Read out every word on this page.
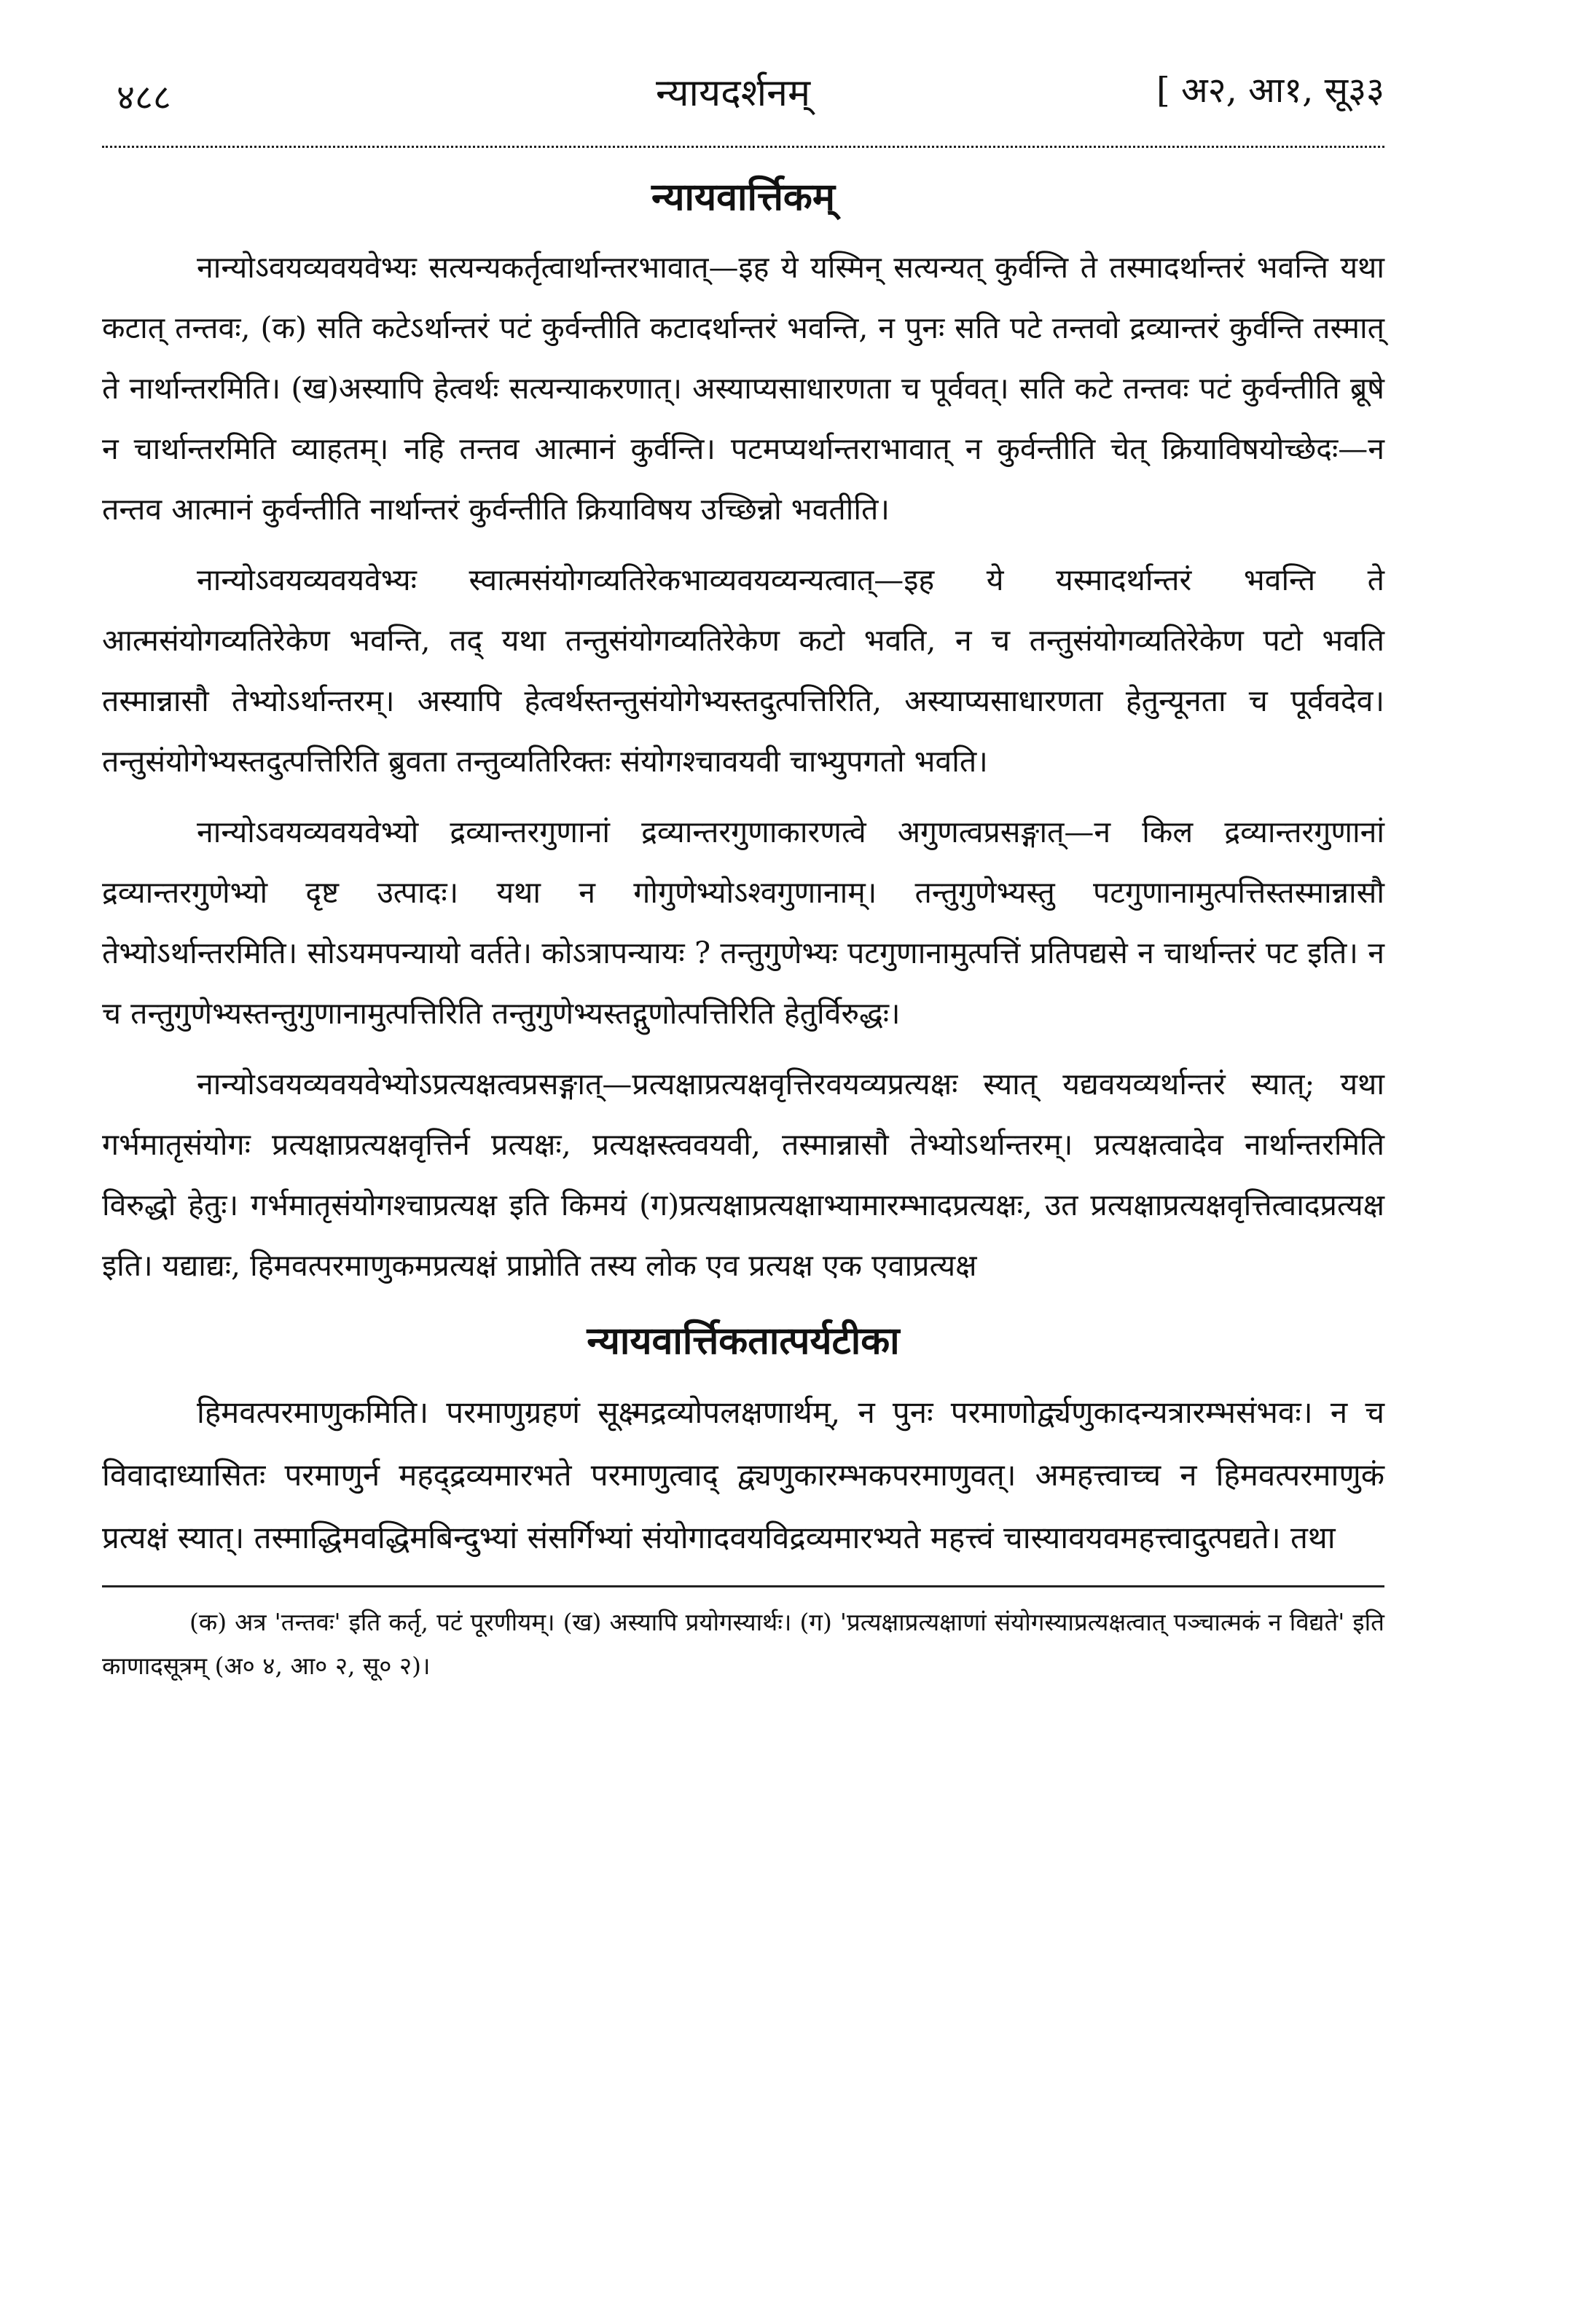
४८८	न्यायदर्शनम्	[ अ२, आ१, सू३३
न्यायवार्त्तिकम्

नान्योऽवयव्यवयवेभ्यः सत्यन्यकर्तृत्वार्थान्तरभावात्—इह ये यस्मिन् सत्यन्यत् कुर्वन्ति ते तस्मादर्थान्तरं भवन्ति यथा कटात् तन्तवः, (क) सति कटेऽर्थान्तरं पटं कुर्वन्तीति कटादर्थान्तरं भवन्ति, न पुनः सति पटे तन्तवो द्रव्यान्तरं कुर्वन्ति तस्मात् ते नार्थान्तरमिति। (ख)अस्यापि हेत्वर्थः सत्यन्याकरणात्। अस्याप्यसाधारणता च पूर्ववत्। सति कटे तन्तवः पटं कुर्वन्तीति ब्रूषे न चार्थान्तरमिति व्याहतम्। नहि तन्तव आत्मानं कुर्वन्ति। पटमप्यर्थान्तराभावात् न कुर्वन्तीति चेत् क्रियाविषयोच्छेदः—न तन्तव आत्मानं कुर्वन्तीति नार्थान्तरं कुर्वन्तीति क्रियाविषय उच्छिन्नो भवतीति।

नान्योऽवयव्यवयवेभ्यः स्वात्मसंयोगव्यतिरेकभाव्यवयव्यन्यत्वात्—इह ये यस्मादर्थान्तरं भवन्ति ते आत्मसंयोगव्यतिरेकेण भवन्ति, तद् यथा तन्तुसंयोगव्यतिरेकेण कटो भवति, न च तन्तुसंयोगव्यतिरेकेण पटो भवति तस्मान्नासौ तेभ्योऽर्थान्तरम्। अस्यापि हेत्वर्थस्तन्तुसंयोगेभ्यस्तदुत्पत्तिरिति, अस्याप्यसाधारणता हेतुन्यूनता च पूर्ववदेव। तन्तुसंयोगेभ्यस्तदुत्पत्तिरिति ब्रुवता तन्तुव्यतिरिक्तः संयोगश्चावयवी चाभ्युपगतो भवति।

नान्योऽवयव्यवयवेभ्यो द्रव्यान्तरगुणानां द्रव्यान्तरगुणाकारणत्वे अगुणत्वप्रसङ्गात्—न किल द्रव्यान्तरगुणानां द्रव्यान्तरगुणेभ्यो दृष्ट उत्पादः। यथा न गोगुणेभ्योऽश्वगुणानाम्। तन्तुगुणेभ्यस्तु पटगुणानामुत्पत्तिस्तस्मान्नासौ तेभ्योऽर्थान्तरमिति। सोऽयमपन्यायो वर्तते। कोऽत्रापन्यायः ? तन्तुगुणेभ्यः पटगुणानामुत्पत्तिं प्रतिपद्यसे न चार्थान्तरं पट इति। न च तन्तुगुणेभ्यस्तन्तुगुणानामुत्पत्तिरिति तन्तुगुणेभ्यस्तद्गुणोत्पत्तिरिति हेतुर्विरुद्धः।

नान्योऽवयव्यवयवेभ्योऽप्रत्यक्षत्वप्रसङ्गात्—प्रत्यक्षाप्रत्यक्षवृत्तिरवयव्यप्रत्यक्षः स्यात् यद्यवयव्यर्थान्तरं स्यात्; यथा गर्भमातृसंयोगः प्रत्यक्षाप्रत्यक्षवृत्तिर्न प्रत्यक्षः, प्रत्यक्षस्त्ववयवी, तस्मान्नासौ तेभ्योऽर्थान्तरम्। प्रत्यक्षत्वादेव नार्थान्तरमिति विरुद्धो हेतुः। गर्भमातृसंयोगश्चाप्रत्यक्ष इति किमयं (ग)प्रत्यक्षाप्रत्यक्षाभ्यामारम्भादप्रत्यक्षः, उत प्रत्यक्षाप्रत्यक्षवृत्तित्वादप्रत्यक्ष इति। यद्याद्यः, हिमवत्परमाणुकमप्रत्यक्षं प्राप्नोति तस्य लोक एव प्रत्यक्ष एक एवाप्रत्यक्ष

न्यायवार्त्तिकतात्पर्यटीका

हिमवत्परमाणुकमिति। परमाणुग्रहणं सूक्ष्मद्रव्योपलक्षणार्थम्, न पुनः परमाणोर्द्व्यणुकादन्यत्रारम्भसंभवः। न च विवादाध्यासितः परमाणुर्न महद्द्रव्यमारभते परमाणुत्वाद् द्व्यणुकारम्भकपरमाणुवत्। अमहत्त्वाच्च न हिमवत्परमाणुकं प्रत्यक्षं स्यात्। तस्माद्धिमवद्धिमबिन्दुभ्यां संसर्गिभ्यां संयोगादवयविद्रव्यमारभ्यते महत्त्वं चास्यावयवमहत्त्वादुत्पद्यते। तथा

(क) अत्र 'तन्तवः' इति कर्तृ, पटं पूरणीयम्। (ख) अस्यापि प्रयोगस्यार्थः। (ग) 'प्रत्यक्षाप्रत्यक्षाणां संयोगस्याप्रत्यक्षत्वात् पञ्चात्मकं न विद्यते' इति काणादसूत्रम् (अ० ४, आ० २, सू० २)।
